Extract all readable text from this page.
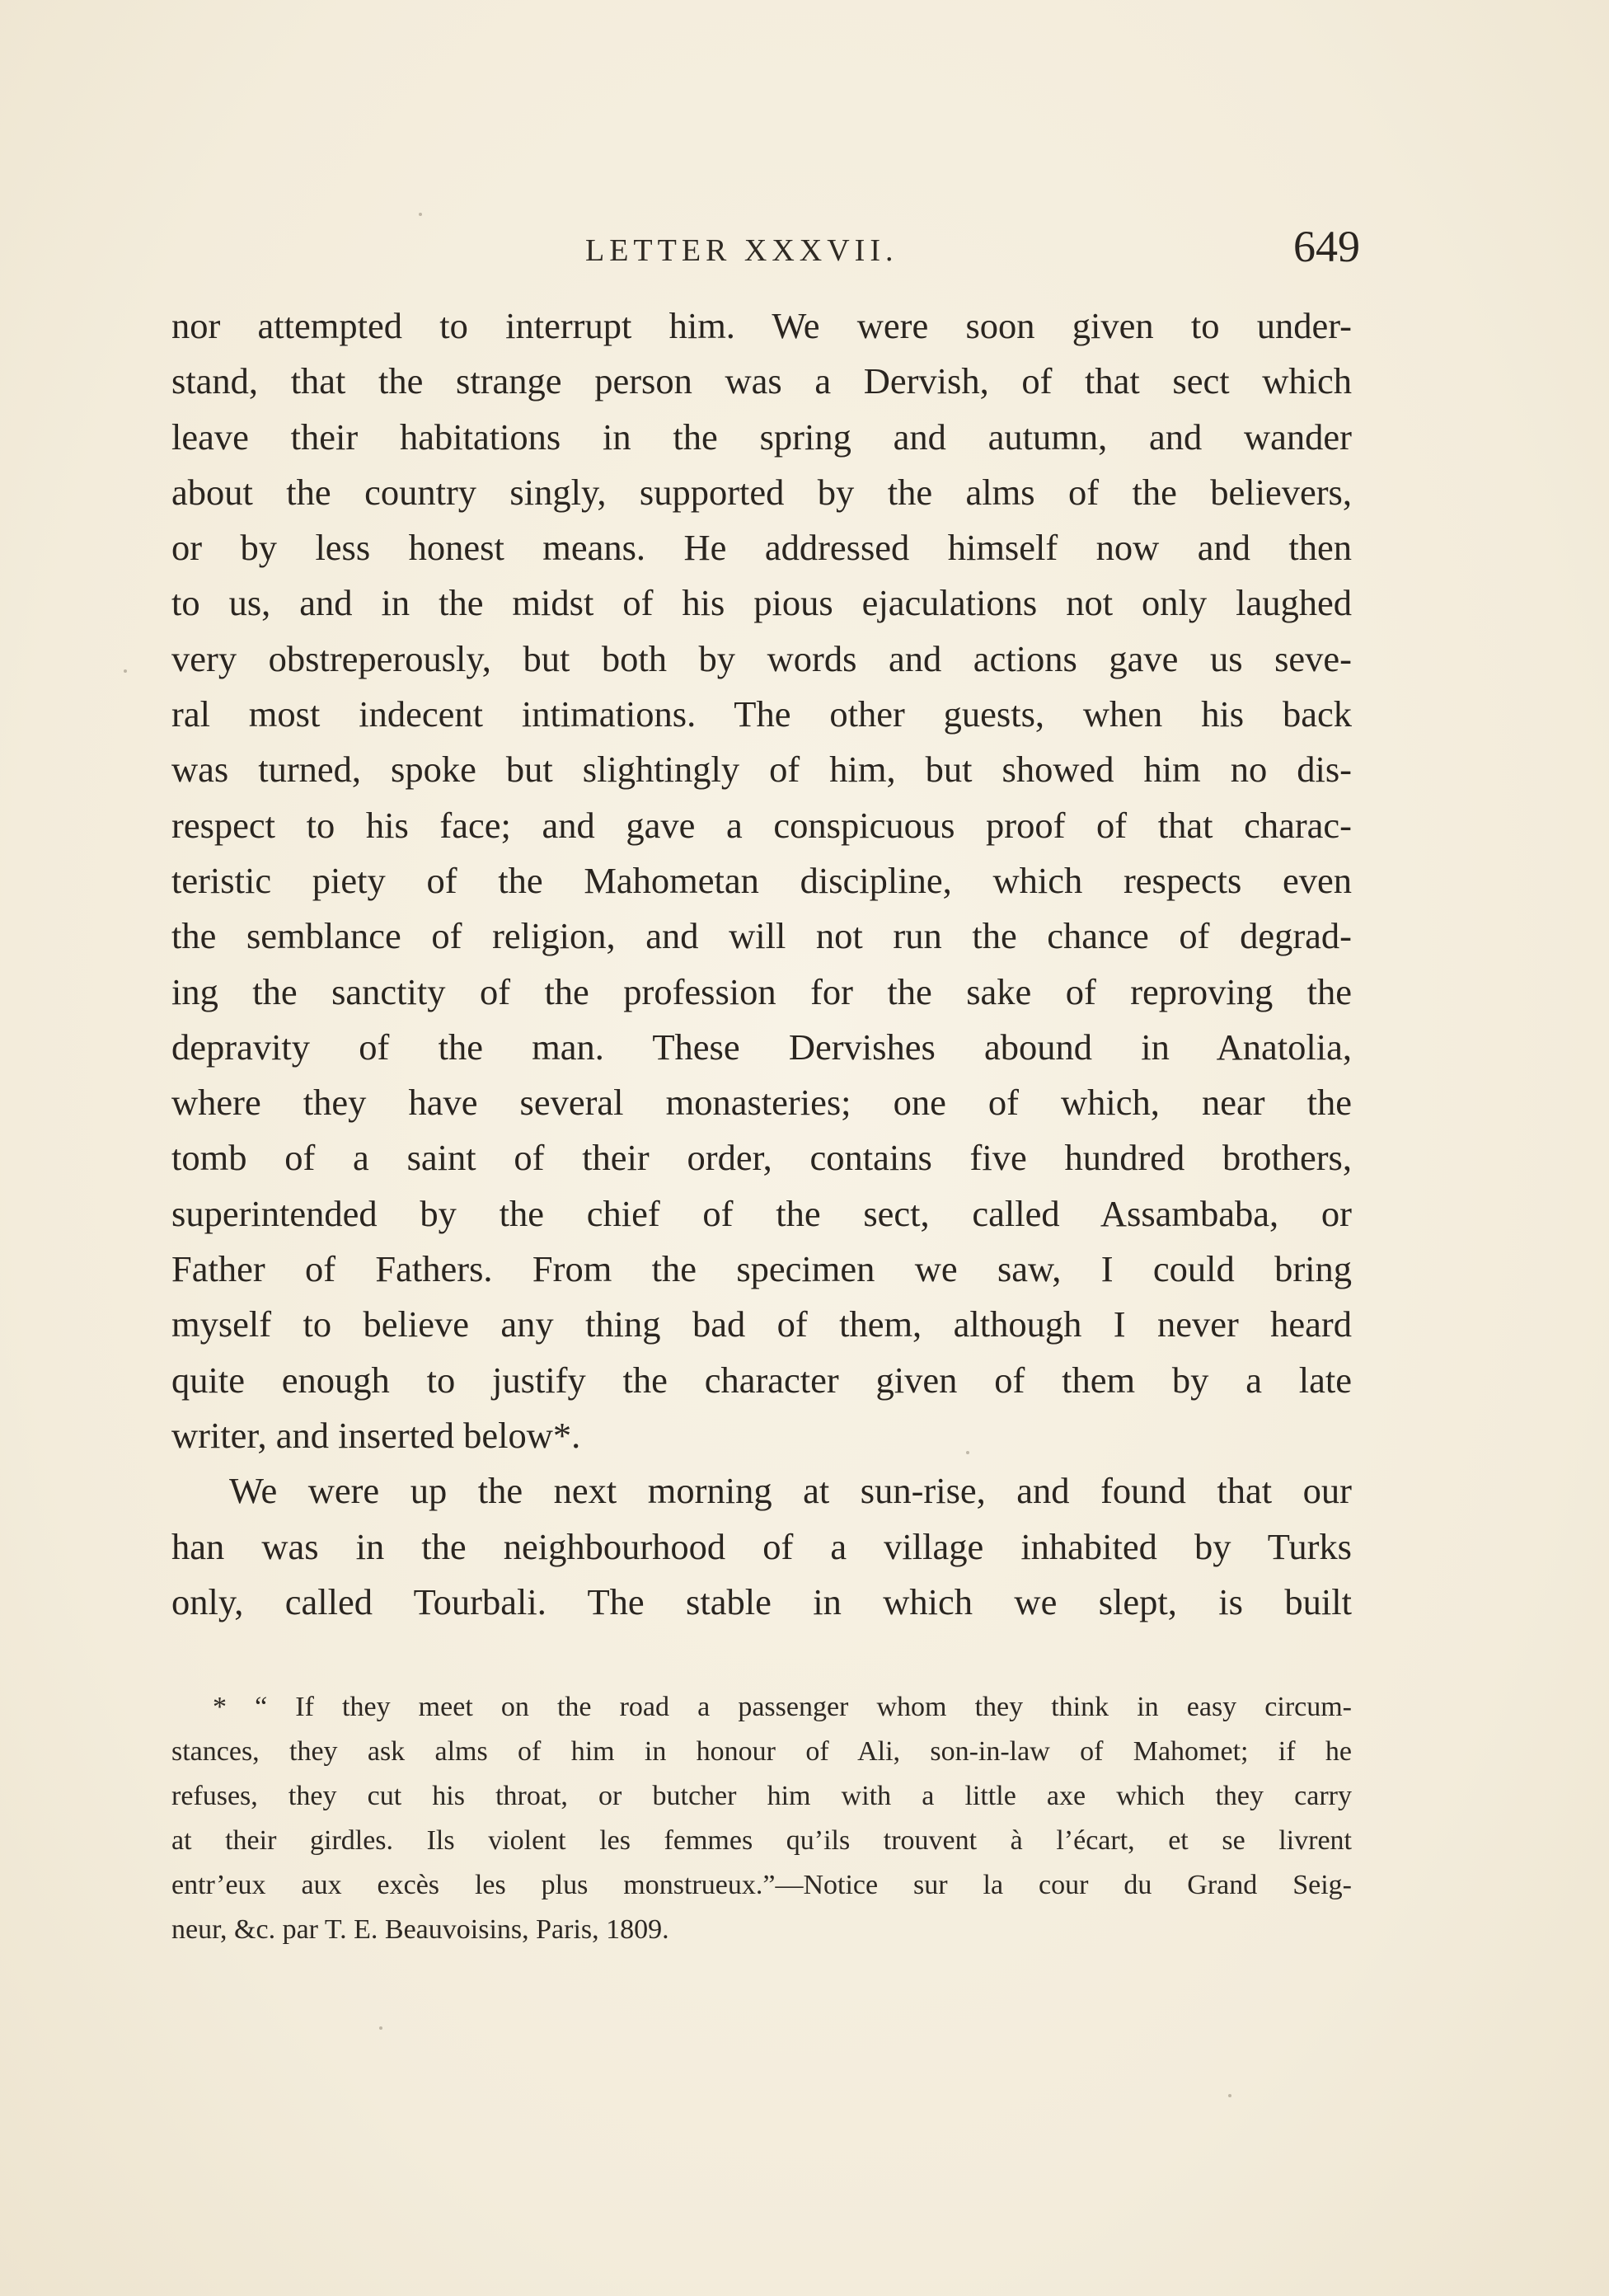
LETTER XXXVII.	649
nor attempted to interrupt him. We were soon given to under-
stand, that the strange person was a Dervish, of that sect which
leave their habitations in the spring and autumn, and wander
about the country singly, supported by the alms of the believers,
or by less honest means. He addressed himself now and then
to us, and in the midst of his pious ejaculations not only laughed
very obstreperously, but both by words and actions gave us seve-
ral most indecent intimations. The other guests, when his back
was turned, spoke but slightingly of him, but showed him no dis-
respect to his face; and gave a conspicuous proof of that charac-
teristic piety of the Mahometan discipline, which respects even
the semblance of religion, and will not run the chance of degrad-
ing the sanctity of the profession for the sake of reproving the
depravity of the man. These Dervishes abound in Anatolia,
where they have several monasteries; one of which, near the
tomb of a saint of their order, contains five hundred brothers,
superintended by the chief of the sect, called Assambaba, or
Father of Fathers. From the specimen we saw, I could bring
myself to believe any thing bad of them, although I never heard
quite enough to justify the character given of them by a late
writer, and inserted below*.
We were up the next morning at sun-rise, and found that our
han was in the neighbourhood of a village inhabited by Turks
only, called Tourbali. The stable in which we slept, is built
* “ If they meet on the road a passenger whom they think in easy circum-
stances, they ask alms of him in honour of Ali, son-in-law of Mahomet; if he
refuses, they cut his throat, or butcher him with a little axe which they carry
at their girdles. Ils violent les femmes qu’ils trouvent à l’écart, et se livrent
entr’eux aux excès les plus monstrueux.”—Notice sur la cour du Grand Seig-
neur, &c. par T. E. Beauvoisins, Paris, 1809.
